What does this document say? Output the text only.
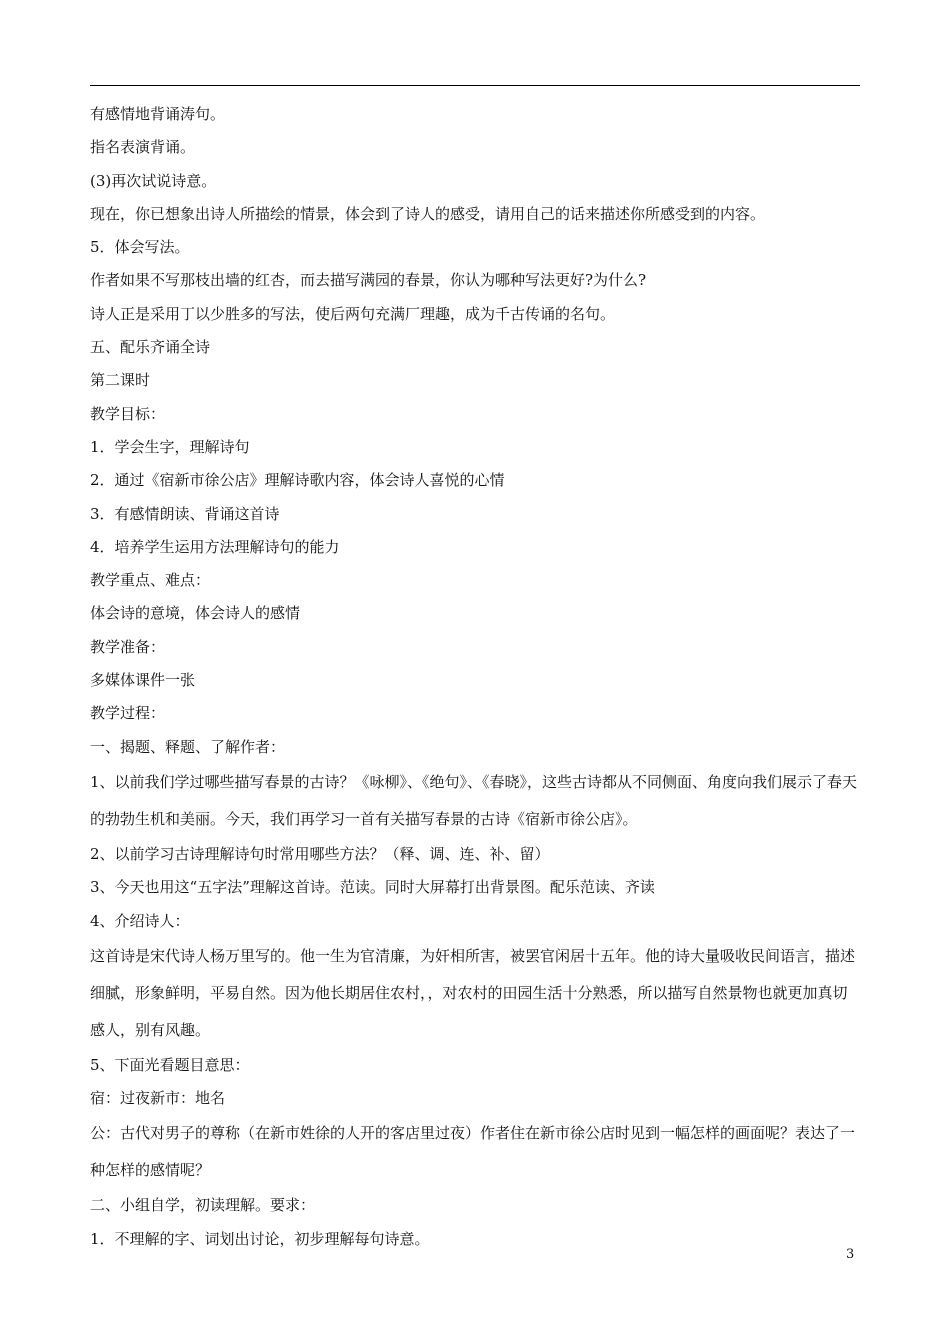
有感情地背诵涛句。
指名表演背诵。
(3)再次试说诗意。
现在，你已想象出诗人所描绘的情景，体会到了诗人的感受，请用自己的话来描述你所感受到的内容。
5．体会写法。
作者如果不写那枝出墙的红杏，而去描写满园的春景，你认为哪种写法更好?为什么?
诗人正是采用丁以少胜多的写法，使后两句充满厂理趣，成为千古传诵的名句。
五、配乐齐诵全诗
第二课时
教学目标：
1．学会生字，理解诗句
2．通过《宿新市徐公店》理解诗歌内容，体会诗人喜悦的心情
3．有感情朗读、背诵这首诗
4．培养学生运用方法理解诗句的能力
教学重点、难点：
体会诗的意境，体会诗人的感情
教学准备：
多媒体课件一张
教学过程：
一、揭题、释题、了解作者：
1、以前我们学过哪些描写春景的古诗？《咏柳》、《绝句》、《春晓》，这些古诗都从不同侧面、角度向我们展示了春天的勃勃生机和美丽。今天，我们再学习一首有关描写春景的古诗《宿新市徐公店》。
2、以前学习古诗理解诗句时常用哪些方法？（释、调、连、补、留）
3、今天也用这“五字法”理解这首诗。范读。同时大屏幕打出背景图。配乐范读、齐读
4、介绍诗人：
这首诗是宋代诗人杨万里写的。他一生为官清廉，为奸相所害，被罢官闲居十五年。他的诗大量吸收民间语言，描述细腻，形象鲜明，平易自然。因为他长期居住农村，，对农村的田园生活十分熟悉，所以描写自然景物也就更加真切感人，别有风趣。
5、下面光看题目意思：
宿：过夜新市：地名
公：古代对男子的尊称（在新市姓徐的人开的客店里过夜）作者住在新市徐公店时见到一幅怎样的画面呢？表达了一种怎样的感情呢？
二、小组自学，初读理解。要求：
1．不理解的字、词划出讨论，初步理解每句诗意。
3
